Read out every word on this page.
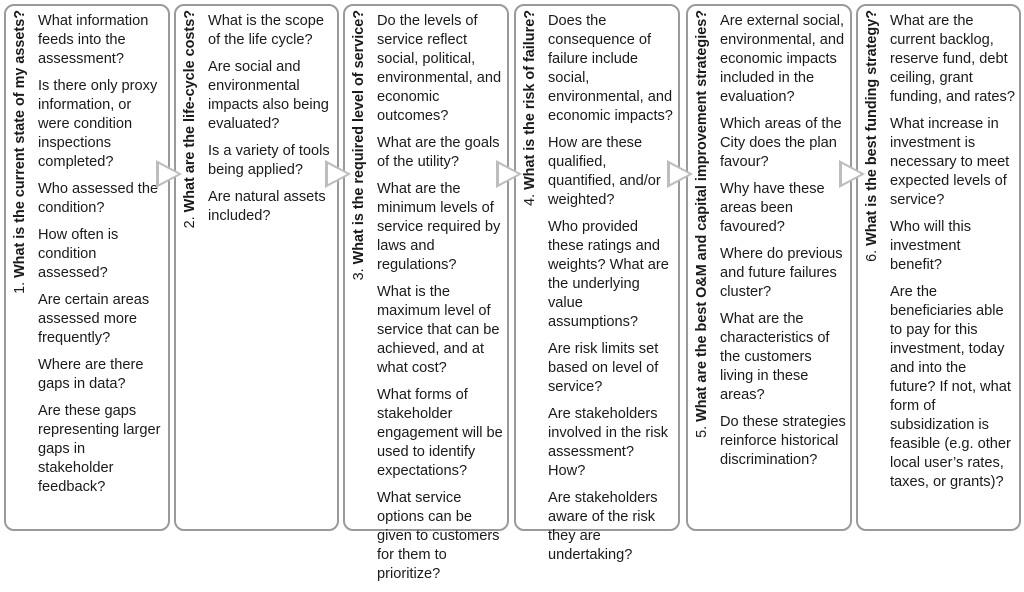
1. What is the current state of my assets? What information feeds into the assessment?
Is there only proxy information, or were condition inspections completed?
Who assessed the condition?
How often is condition assessed?
Are certain areas assessed more frequently?
Where are there gaps in data?
Are these gaps representing larger gaps in stakeholder feedback?
2. What are the life-cycle costs? What is the scope of the life cycle?
Are social and environmental impacts also being evaluated?
Is a variety of tools being applied?
Are natural assets included?
3. What is the required level of service? Do the levels of service reflect social, political, environmental, and economic outcomes?
What are the goals of the utility?
What are the minimum levels of service required by laws and regulations?
What is the maximum level of service that can be achieved, and at what cost?
What forms of stakeholder engagement will be used to identify expectations?
What service options can be given to customers for them to prioritize?
4. What is the risk of failure? Does the consequence of failure include social, environmental, and economic impacts?
How are these qualified, quantified, and/or weighted?
Who provided these ratings and weights? What are the underlying value assumptions?
Are risk limits set based on level of service?
Are stakeholders involved in the risk assessment? How?
Are stakeholders aware of the risk they are undertaking?
5. What are the best O&M and capital improvement strategies? Are external social, environmental, and economic impacts included in the evaluation?
Which areas of the City does the plan favour?
Why have these areas been favoured?
Where do previous and future failures cluster?
What are the characteristics of the customers living in these areas?
Do these strategies reinforce historical discrimination?
6. What is the best funding strategy? What are the current backlog, reserve fund, debt ceiling, grant funding, and rates?
What increase in investment is necessary to meet expected levels of service?
Who will this investment benefit?
Are the beneficiaries able to pay for this investment, today and into the future? If not, what form of subsidization is feasible (e.g. other local user’s rates, taxes, or grants)?
